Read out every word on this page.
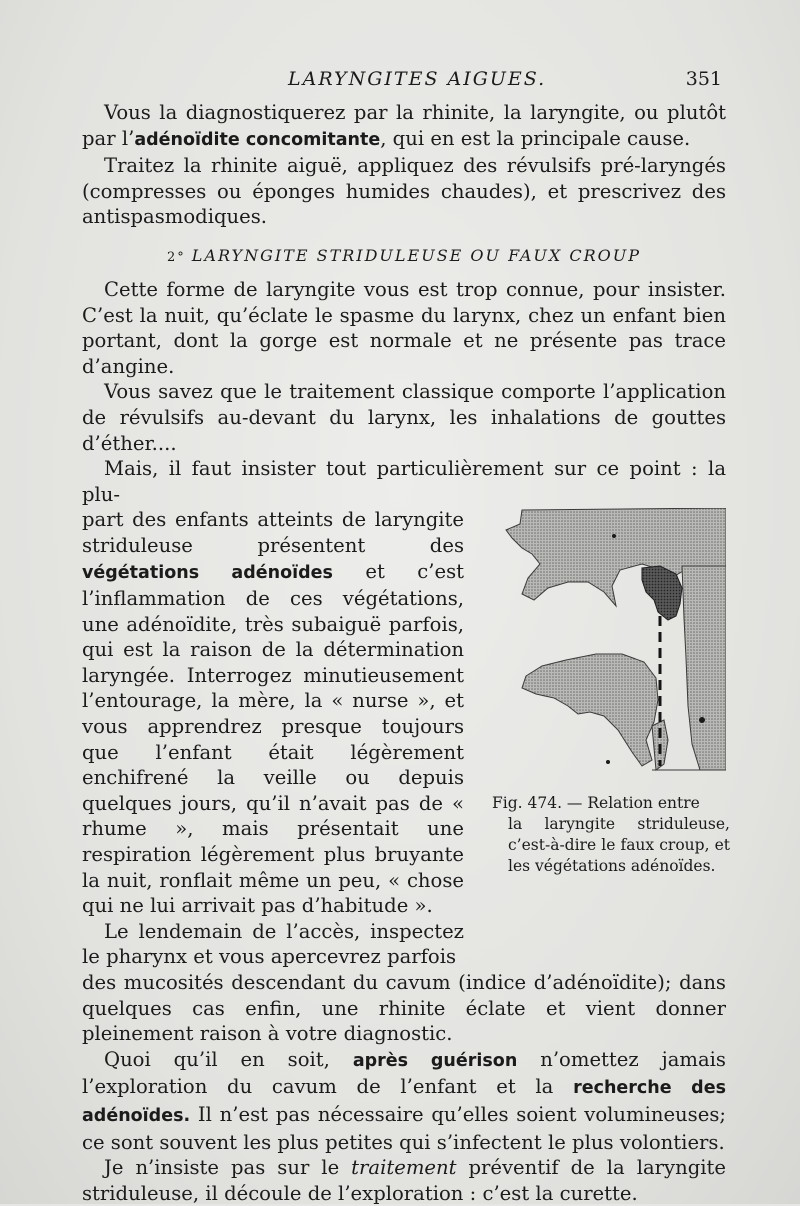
LARYNGITES AIGUES.	351

Vous la diagnostiquerez par la rhinite, la laryngite, ou plutôt par l’adénoïdite concomitante, qui en est la principale cause.

Traitez la rhinite aiguë, appliquez des révulsifs pré-laryngés (compresses ou éponges humides chaudes), et prescrivez des antispasmodiques.

2° LARYNGITE STRIDULEUSE OU FAUX CROUP

Cette forme de laryngite vous est trop connue, pour insister. C’est la nuit, qu’éclate le spasme du larynx, chez un enfant bien portant, dont la gorge est normale et ne présente pas trace d’angine.

Vous savez que le traitement classique comporte l’application de révulsifs au-devant du larynx, les inhalations de gouttes d’éther....

Mais, il faut insister tout particulièrement sur ce point : la plu-

part des enfants atteints de laryngite striduleuse présentent des végétations adénoïdes et c’est l’inflammation de ces végétations, une adénoïdite, très subaiguë parfois, qui est la raison de la détermination laryngée. Interrogez minutieusement l’entourage, la mère, la « nurse », et vous apprendrez presque toujours que l’enfant était légèrement enchifrené la veille ou depuis quelques jours, qu’il n’avait pas de « rhume », mais présentait une respiration légèrement plus bruyante la nuit, ronflait même un peu, « chose qui ne lui arrivait pas d’habitude ».

Le lendemain de l’accès, inspectez le pharynx et vous apercevrez parfois

des mucosités descendant du cavum (indice d’adénoïdite); dans quelques cas enfin, une rhinite éclate et vient donner pleinement raison à votre diagnostic.

Quoi qu’il en soit, après guérison n’omettez jamais l’exploration du cavum de l’enfant et la recherche des adénoïdes. Il n’est pas nécessaire qu’elles soient volumineuses; ce sont souvent les plus petites qui s’infectent le plus volontiers.

Je n’insiste pas sur le traitement préventif de la laryngite striduleuse, il découle de l’exploration : c’est la curette.

Fig. 474. — Relation entre
la laryngite striduleuse, c’est-à-dire le faux croup, et les végétations adénoïdes.
